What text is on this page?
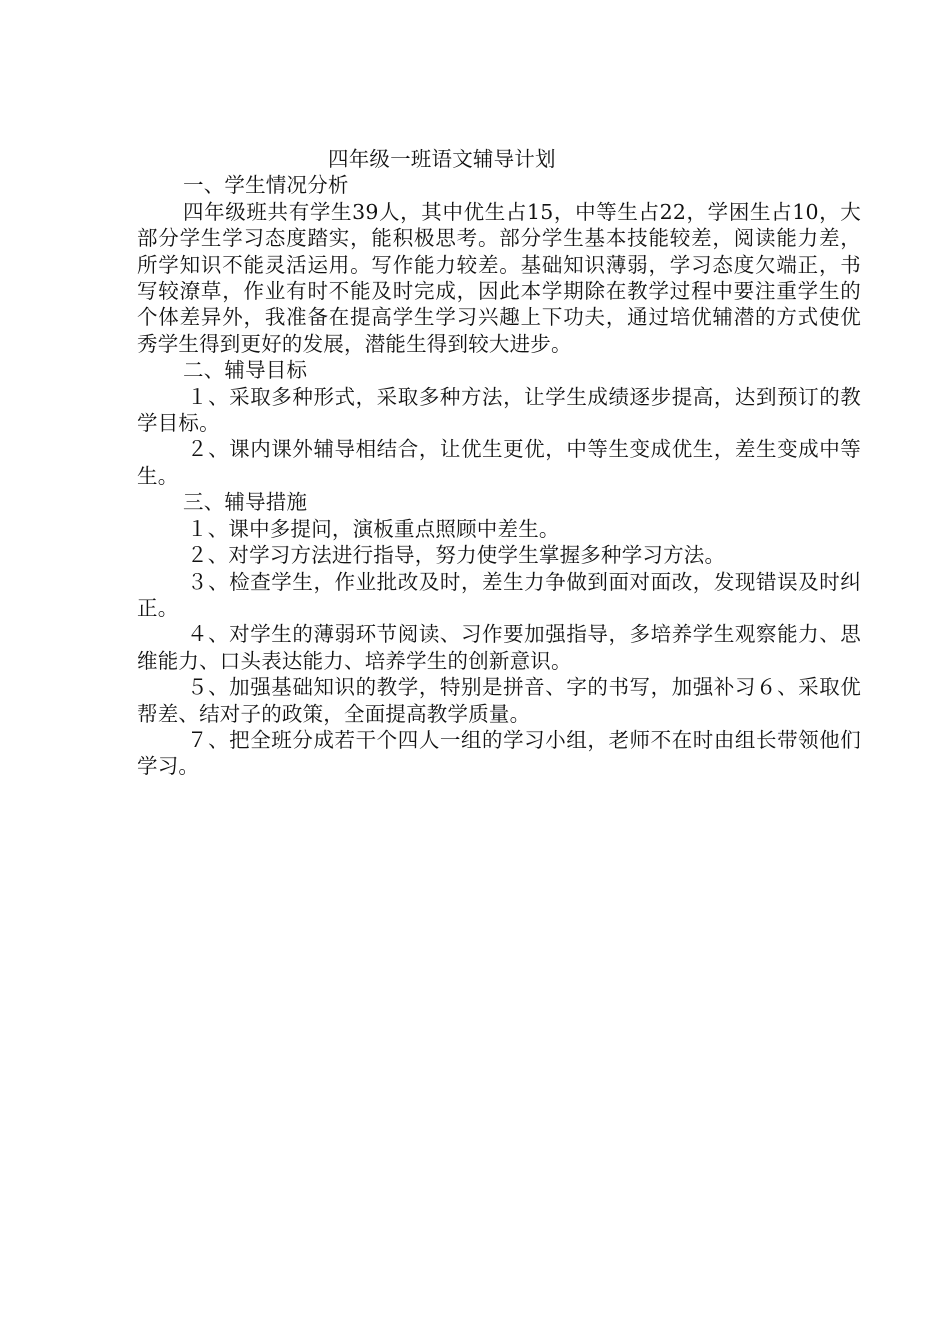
四年级一班语文辅导计划
一、学生情况分析

四年级班共有学生39人，其中优生占15，中等生占22，学困生占10，大部分学生学习态度踏实，能积极思考。部分学生基本技能较差，阅读能力差，所学知识不能灵活运用。写作能力较差。基础知识薄弱，学习态度欠端正，书写较潦草，作业有时不能及时完成，因此本学期除在教学过程中要注重学生的个体差异外，我准备在提高学生学习兴趣上下功夫，通过培优辅潜的方式使优秀学生得到更好的发展，潜能生得到较大进步。

二、辅导目标

１、采取多种形式，采取多种方法，让学生成绩逐步提高，达到预订的教学目标。

２、课内课外辅导相结合，让优生更优，中等生变成优生，差生变成中等生。

三、辅导措施

１、课中多提问，演板重点照顾中差生。

２、对学习方法进行指导，努力使学生掌握多种学习方法。

３、检查学生，作业批改及时，差生力争做到面对面改，发现错误及时纠正。

４、对学生的薄弱环节阅读、习作要加强指导，多培养学生观察能力、思维能力、口头表达能力、培养学生的创新意识。

５、加强基础知识的教学，特别是拼音、字的书写，加强补习６、采取优帮差、结对子的政策，全面提高教学质量。

７、把全班分成若干个四人一组的学习小组，老师不在时由组长带领他们学习。
